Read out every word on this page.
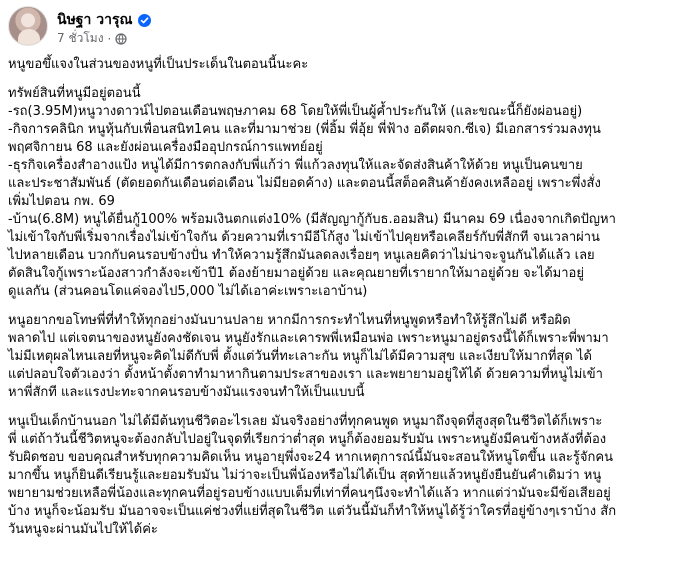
นิษฐา วารุณ
7 ชั่วโมง ·

หนูขอขึ้แจงในส่วนของหนูที่เป็นประเด็นในตอนนี้นะคะ

ทรัพย์สินที่หนูมีอยู่ตอนนี้
-รถ(3.95M)หนูวางดาวน์ไปตอนเดือนพฤษภาคม 68 โดยให้พี่เป็นผู้ค้ำประกันให้ (และขณะนี้ก็ยังผ่อนอยู่)
-กิจการคลินิก หนูหุ้นกับเพื่อนสนิท1คน และที่มามาช่วย (พี่อิ้ม พี่อุ้ย พี่ฟ้าง อดีตผจก.ซีเจ) มีเอกสารร่วมลงทุน
พฤศจิกายน 68 และยังผ่อนเครื่องมืออุปกรณ์การแพทย์อยู่
-ธุรกิจเครื่องสำอางแป้ง หนูได้มีการตกลงกับพี่แก้ว่า พี่แก้วลงทุนให้และจัดส่งสินค้าให้ด้วย หนูเป็นคนขาย
และประชาสัมพันธ์ (ตัดยอดกันเดือนต่อเดือน ไม่มียอดค้าง) และตอนนี้สต็อคสินค้ายังคงเหลืออยู่ เพราะพึ่งสั่ง
เพิ่มไปตอน กพ. 69
-บ้าน(6.8M) หนูได้ยื่นกู้100% พร้อมเงินตกแต่ง10% (มีสัญญากู้กับธ.ออมสิน) มีนาคม 69 เนื่องจากเกิดปัญหา
ไม่เข้าใจกับพี่เริ่มจากเรื่องไม่เข้าใจกัน ด้วยความที่เรามีอีโก้สูง ไม่เข้าไปคุยหรือเคลียร์กับพี่สักที จนเวลาผ่าน
ไปหลายเดือน บวกกับคนรอบข้างปั่น ทำให้ความรู้สึกมันลดลงเรื่อยๆ หนูเลยคิดว่าไม่น่าจะจูนกันได้แล้ว เลย
ตัดสินใจกู้เพราะน้องสาวกำลังจะเข้าปี1 ต้องย้ายมาอยู่ด้วย และคุณยายที่เรายากให้มาอยู่ด้วย จะได้มาอยู่
ดูแลกัน (ส่วนคอนโดแค่จองไป5,000 ไม่ได้เอาค่ะเพราะเอาบ้าน)

หนูอยากขอโทษพี่ที่ทำให้ทุกอย่างมันบานปลาย หากมีการกระทำไหนที่หนูพูดหรือทำให้รู้สึกไม่ดี หรือผิด
พลาดไป แต่เจตนาของหนูยังคงชัดเจน หนูยังรักและเคารพพี่เหมือนพ่อ เพราะหนูมาอยู่ตรงนี้ได้ก็เพราะพี่พามา
ไม่มีเหตุผลไหนเลยที่หนูจะคิดไม่ดีกับพี่ ตั้งแต่วันที่ทะเลาะกัน หนูก็ไม่ได้มีความสุข และเงียบให้มากที่สุด ได้
แต่ปลอบใจตัวเองว่า ตั้งหน้าตั้งตาทำมาหากินตามประสาของเรา และพยายามอยู่ให้ได้ ด้วยความที่หนูไม่เข้า
หาพี่สักที และแรงปะทะจากคนรอบข้างมันแรงจนทำให้เป็นแบบนี้

หนูเป็นเด็กบ้านนอก ไม่ได้มีต้นทุนชีวิตอะไรเลย มันจริงอย่างที่ทุกคนพูด หนูมาถึงจุดที่สูงสุดในชีวิตได้ก็เพราะ
พี่ แต่ถ้าวันนี้ชีวิตหนูจะต้องกลับไปอยู่ในจุดที่เรียกว่าต่ำสุด หนูก็ต้องยอมรับมัน เพราะหนูยังมีคนข้างหลังที่ต้อง
รับผิดชอบ ขอบคุณสำหรับทุกความคิดเห็น หนูอายุพึ่งจะ24 หากเหตุการณ์นี้มันจะสอนให้หนูโตขึ้น และรู้จักคน
มากขึ้น หนูก็ยินดีเรียนรู้และยอมรับมัน ไม่ว่าจะเป็นพี่น้องหรือไม่ได้เป็น สุดท้ายแล้วหนูยังยืนยันคำเดิมว่า หนู
พยายามช่วยเหลือพี่น้องและทุกคนที่อยู่รอบข้างแบบเต็มที่เท่าที่คนๆนึงจะทำได้แล้ว หากแต่ว่ามันจะมีข้อเสียอยู่
บ้าง หนูก็จะน้อมรับ มันอาจจะเป็นแค่ช่วงที่แย่ที่สุดในชีวิต แต่วันนี้มันก็ทำให้หนูได้รู้ว่าใครที่อยู่ข้างๆเราบ้าง สัก
วันหนูจะผ่านมันไปให้ได้ค่ะ
